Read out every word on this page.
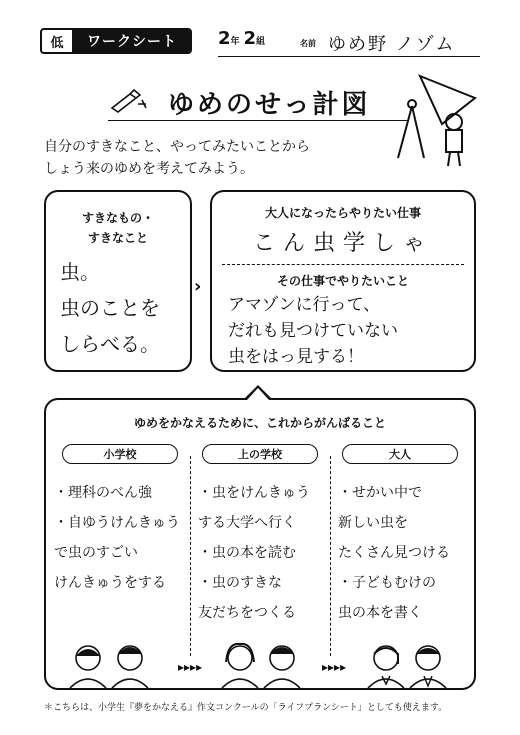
低	ワークシート	2年 2組	名前 ゆめ野 ノゾム
ゆめのせっ計図
自分のすきなこと、やってみたいことから
しょう来のゆめを考えてみよう。
すきなもの・
すきなこと
虫。
虫のことを
しらべる。
›
大人になったらやりたい仕事
こん虫学しゃ
その仕事でやりたいこと
アマゾンに行って、
だれも見つけていない
虫をはっ見する！
ゆめをかなえるために、これからがんばること
小学校	上の学校	大人
・理科のべん強
・自ゆうけんきゅう
で虫のすごい
けんきゅうをする
・虫をけんきゅう
する大学へ行く
・虫の本を読む
・虫のすきな
友だちをつくる
・せかい中で
新しい虫を
たくさん見つける
・子どもむけの
虫の本を書く
▸▸▸▸	▸▸▸▸
＊こちらは、小学生『夢をかなえる』作文コンクールの「ライフプランシート」としても使えます。
